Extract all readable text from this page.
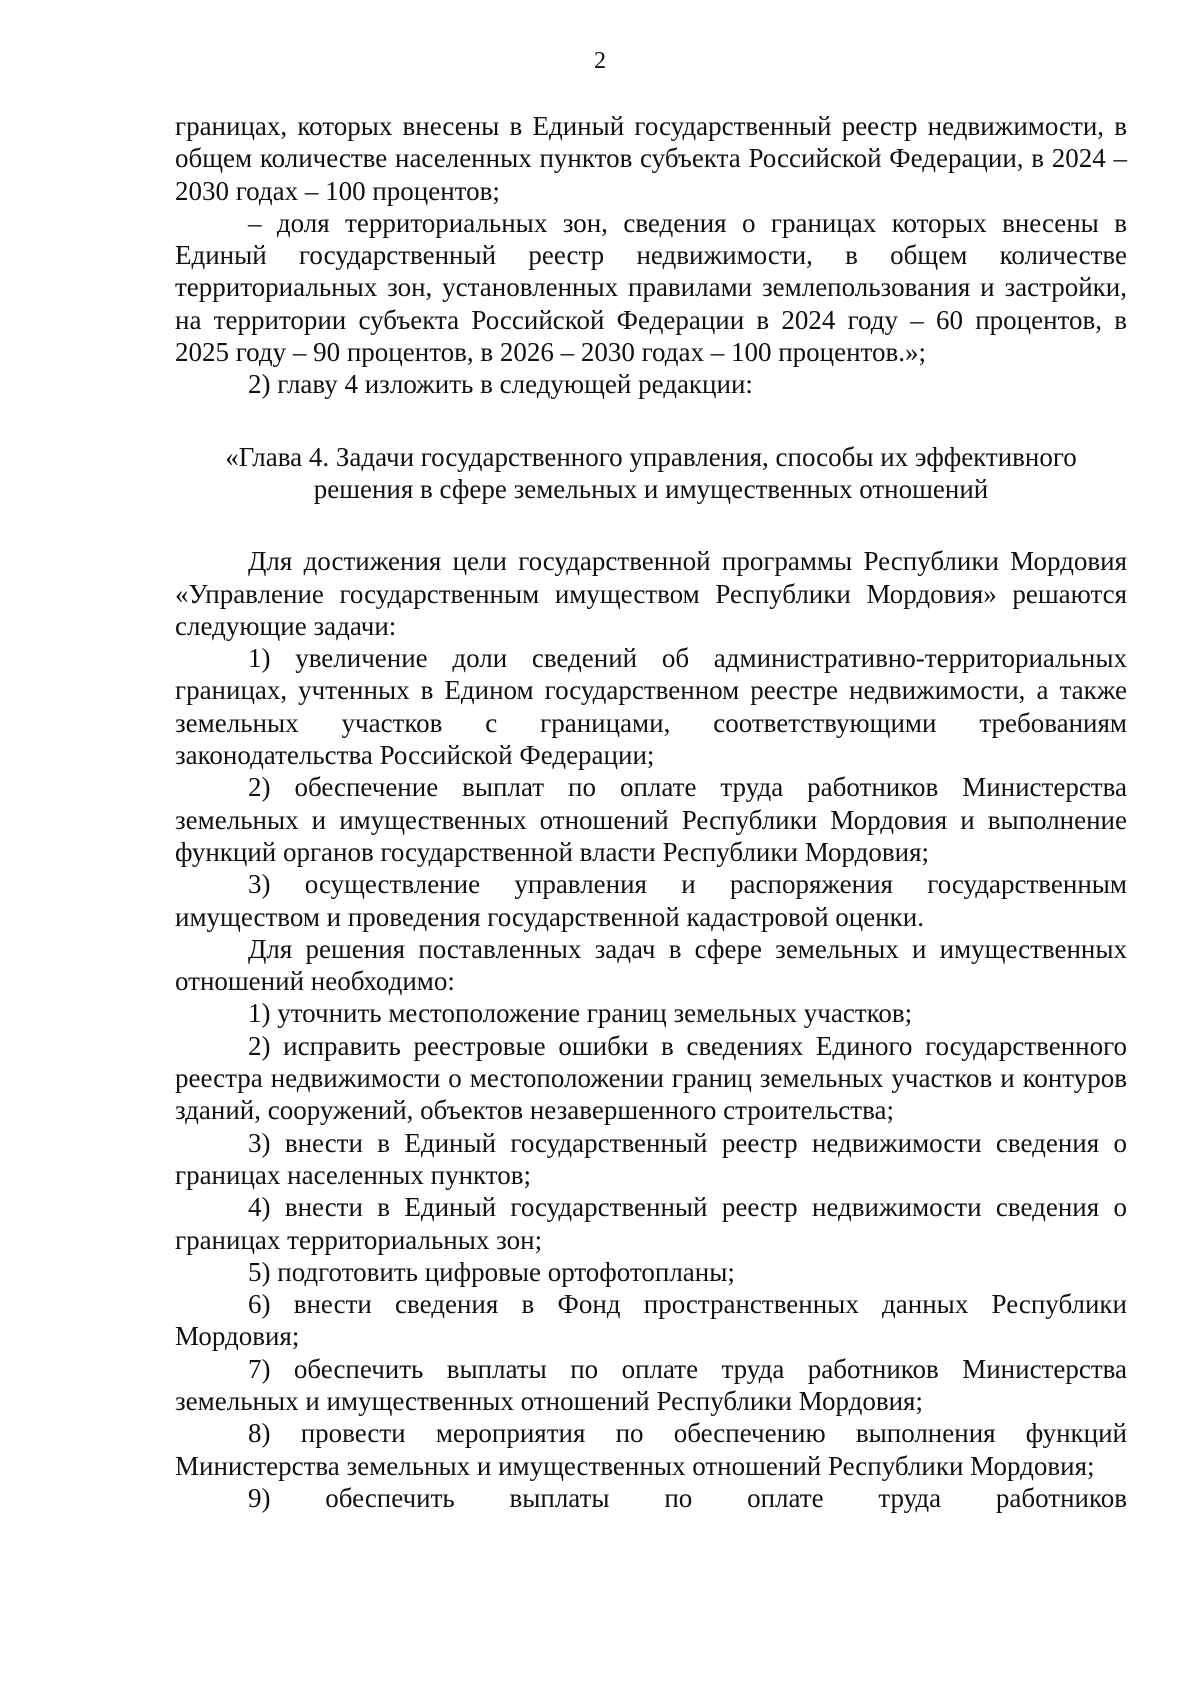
2

границах, которых внесены в Единый государственный реестр недвижимости, в общем количестве населенных пунктов субъекта Российской Федерации, в 2024 – 2030 годах – 100 процентов;

– доля территориальных зон, сведения о границах которых внесены в Единый государственный реестр недвижимости, в общем количестве территориальных зон, установленных правилами землепользования и застройки, на территории субъекта Российской Федерации в 2024 году – 60 процентов, в 2025 году – 90 процентов, в 2026 – 2030 годах – 100 процентов.»;

2) главу 4 изложить в следующей редакции:

«Глава 4. Задачи государственного управления, способы их эффективного
решения в сфере земельных и имущественных отношений

Для достижения цели государственной программы Республики Мордовия «Управление государственным имуществом Республики Мордовия» решаются следующие задачи:

1) увеличение доли сведений об административно-территориальных границах, учтенных в Едином государственном реестре недвижимости, а также земельных участков с границами, соответствующими требованиям законодательства Российской Федерации;

2) обеспечение выплат по оплате труда работников Министерства земельных и имущественных отношений Республики Мордовия и выполнение функций органов государственной власти Республики Мордовия;

3) осуществление управления и распоряжения государственным имуществом и проведения государственной кадастровой оценки.

Для решения поставленных задач в сфере земельных и имущественных отношений необходимо:

1) уточнить местоположение границ земельных участков;

2) исправить реестровые ошибки в сведениях Единого государственного реестра недвижимости о местоположении границ земельных участков и контуров зданий, сооружений, объектов незавершенного строительства;

3) внести в Единый государственный реестр недвижимости сведения о границах населенных пунктов;

4) внести в Единый государственный реестр недвижимости сведения о границах территориальных зон;

5) подготовить цифровые ортофотопланы;

6) внести сведения в Фонд пространственных данных Республики Мордовия;

7) обеспечить выплаты по оплате труда работников Министерства земельных и имущественных отношений Республики Мордовия;

8) провести мероприятия по обеспечению выполнения функций Министерства земельных и имущественных отношений Республики Мордовия;

9) обеспечить выплаты по оплате труда работников
